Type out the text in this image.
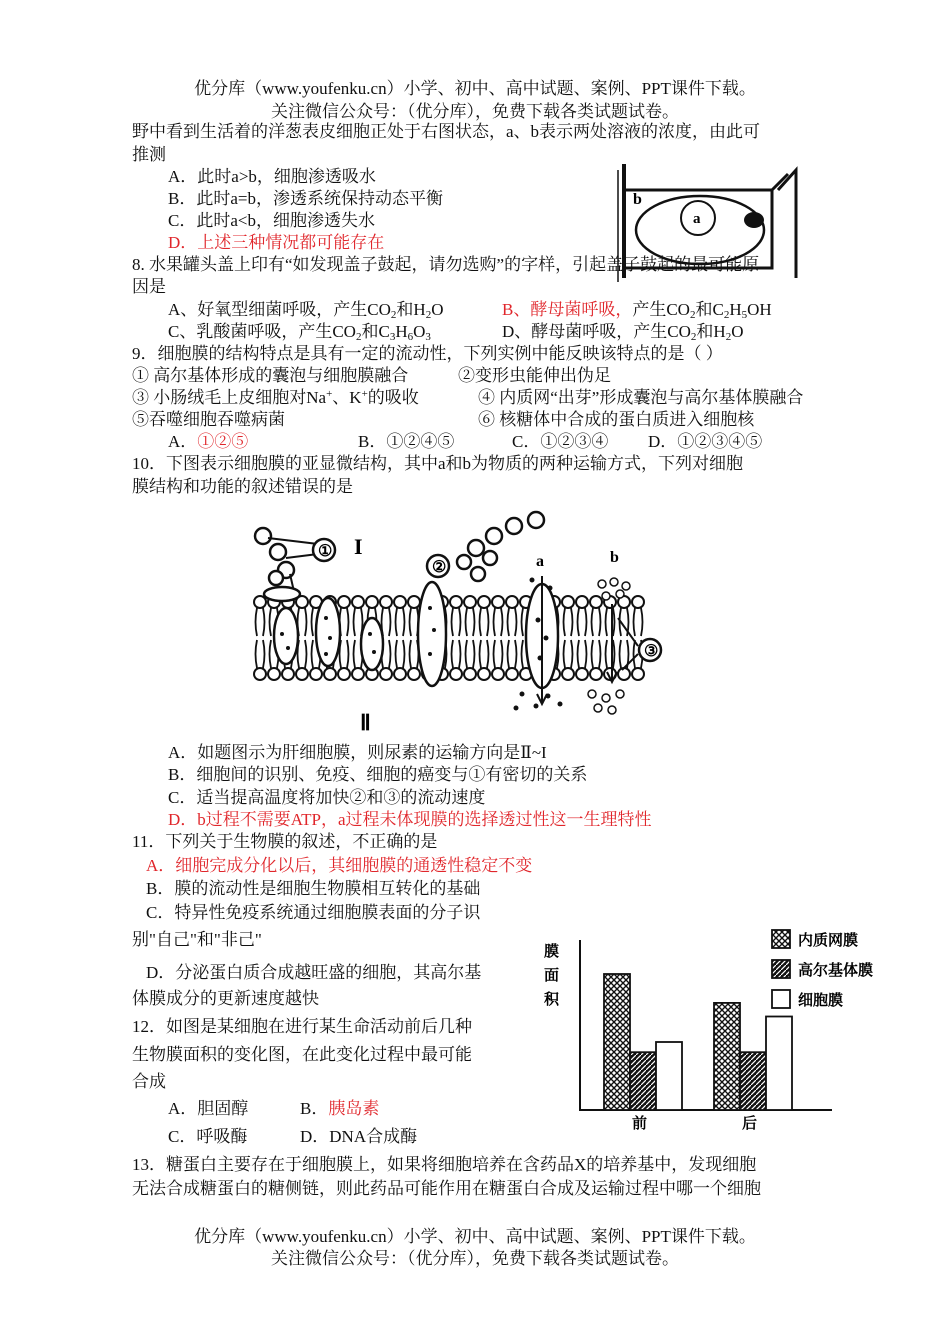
优分库（www.youfenku.cn）小学、初中、高中试题、案例、PPT课件下载。
关注微信公众号：（优分库），免费下载各类试题试卷。
野中看到生活着的洋葱表皮细胞正处于右图状态，a、b表示两处溶液的浓度，由此可
推测
A．此时a>b，细胞渗透吸水
B．此时a=b，渗透系统保持动态平衡
C．此时a<b，细胞渗透失水
D．上述三种情况都可能存在
b
a
8. 水果罐头盖上印有“如发现盖子鼓起，请勿选购”的字样，引起盖子鼓起的最可能原
因是
A、好氧型细菌呼吸，产生$CO_2$和$H_2O$	B、酵母菌呼吸，产生$CO_2$和$C_2H_5OH$
C、乳酸菌呼吸，产生$CO_2$和$C_3H_6O_3$	D、酵母菌呼吸，产生$CO_2$和$H_2O$
9．细胞膜的结构特点是具有一定的流动性，下列实例中能反映该特点的是（ ）
① 高尔基体形成的囊泡与细胞膜融合	②变形虫能伸出伪足
③ 小肠绒毛上皮细胞对Na+、K+的吸收	④ 内质网“出芽”形成囊泡与高尔基体膜融合
⑤吞噬细胞吞噬病菌	⑥ 核糖体中合成的蛋白质进入细胞核
A．①②⑤	B．①②④⑤	C．①②③④ D．①②③④⑤
10．下图表示细胞膜的亚显微结构，其中a和b为物质的两种运输方式，下列对细胞
膜结构和功能的叙述错误的是
① I
②	a	b
③
Ⅱ
A．如题图示为肝细胞膜，则尿素的运输方向是Ⅱ~I
B．细胞间的识别、免疫、细胞的癌变与①有密切的关系
C．适当提高温度将加快②和③的流动速度
D．b过程不需要ATP，a过程未体现膜的选择透过性这一生理特性
11．下列关于生物膜的叙述，不正确的是
A．细胞完成分化以后，其细胞膜的通透性稳定不变
B．膜的流动性是细胞生物膜相互转化的基础
C．特异性免疫系统通过细胞膜表面的分子识
别"自己"和"非己"
D．分泌蛋白质合成越旺盛的细胞，其高尔基
体膜成分的更新速度越快
12．如图是某细胞在进行某生命活动前后几种
生物膜面积的变化图，在此变化过程中最可能
合成
A．胆固醇	B．胰岛素
C．呼吸酶	D．DNA合成酶
膜
面
积
前	后
内质网膜
高尔基体膜
细胞膜
13．糖蛋白主要存在于细胞膜上，如果将细胞培养在含药品X的培养基中，发现细胞
无法合成糖蛋白的糖侧链，则此药品可能作用在糖蛋白合成及运输过程中哪一个细胞
优分库（www.youfenku.cn）小学、初中、高中试题、案例、PPT课件下载。
关注微信公众号：（优分库），免费下载各类试题试卷。
